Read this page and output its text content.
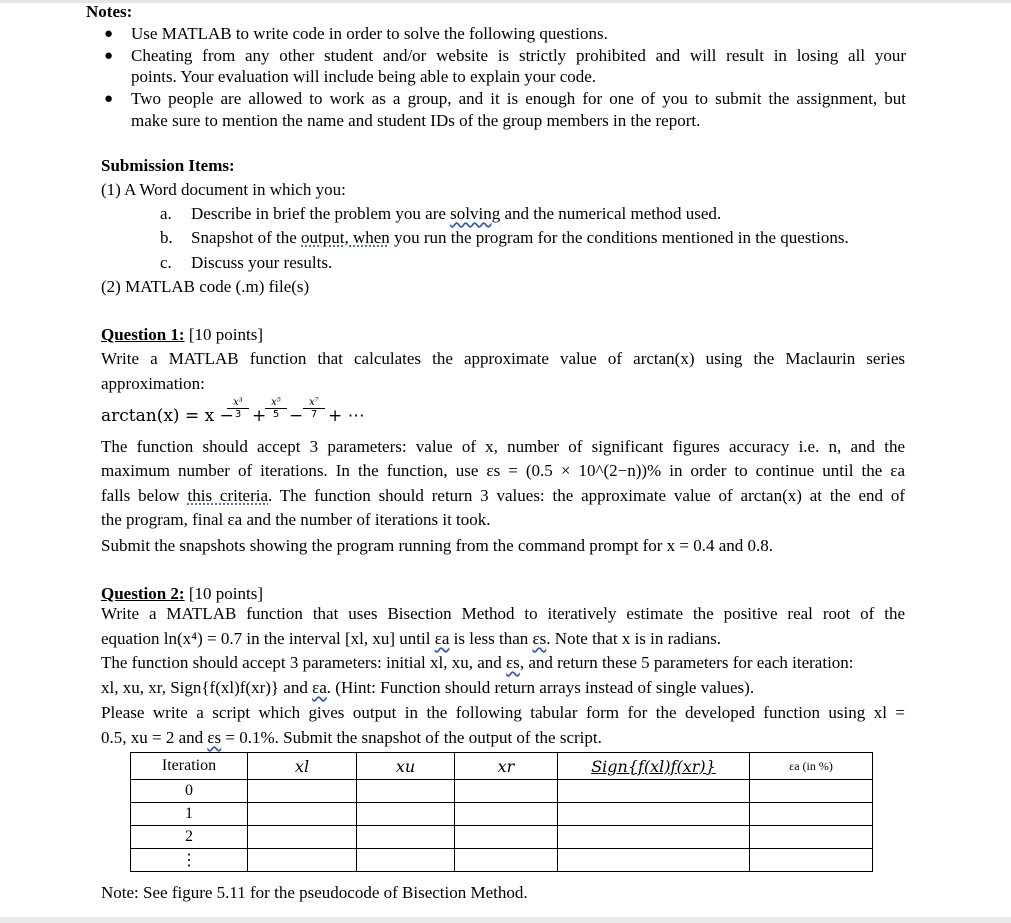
Notes:
● Use MATLAB to write code in order to solve the following questions.
● Cheating from any other student and/or website is strictly prohibited and will result in losing all your
points. Your evaluation will include being able to explain your code.
● Two people are allowed to work as a group, and it is enough for one of you to submit the assignment, but
make sure to mention the name and student IDs of the group members in the report.
Submission Items:
(1) A Word document in which you:
a. Describe in brief the problem you are solving and the numerical method used.
b. Snapshot of the output, when you run the program for the conditions mentioned in the questions.
c. Discuss your results.
(2) MATLAB code (.m) file(s)
Question 1: [10 points]
Write a MATLAB function that calculates the approximate value of arctan(x) using the Maclaurin series
approximation:
arctan(x) = x −
x³
3 +
x⁵
5 −
x⁷
7 + ⋯
The function should accept 3 parameters: value of x, number of significant figures accuracy i.e. n, and the
maximum number of iterations. In the function, use εs = (0.5 × 10^(2−n))% in order to continue until the εa
falls below this criteria. The function should return 3 values: the approximate value of arctan(x) at the end of
the program, final εa and the number of iterations it took.
Submit the snapshots showing the program running from the command prompt for x = 0.4 and 0.8.
Question 2: [10 points]
Write a MATLAB function that uses Bisection Method to iteratively estimate the positive real root of the
equation ln(x⁴) = 0.7 in the interval [xl, xu] until εa is less than εs. Note that x is in radians.
The function should accept 3 parameters: initial xl, xu, and εs, and return these 5 parameters for each iteration:
xl, xu, xr, Sign{f(xl)f(xr)} and εa. (Hint: Function should return arrays instead of single values).
Please write a script which gives output in the following tabular form for the developed function using xl =
0.5, xu = 2 and εs = 0.1%. Submit the snapshot of the output of the script.
Iteration	xl	xu	xr	Sign{f(xl)f(xr)}	εa (in %)
0					
1					
2					
⋮					
Note: See figure 5.11 for the pseudocode of Bisection Method.
